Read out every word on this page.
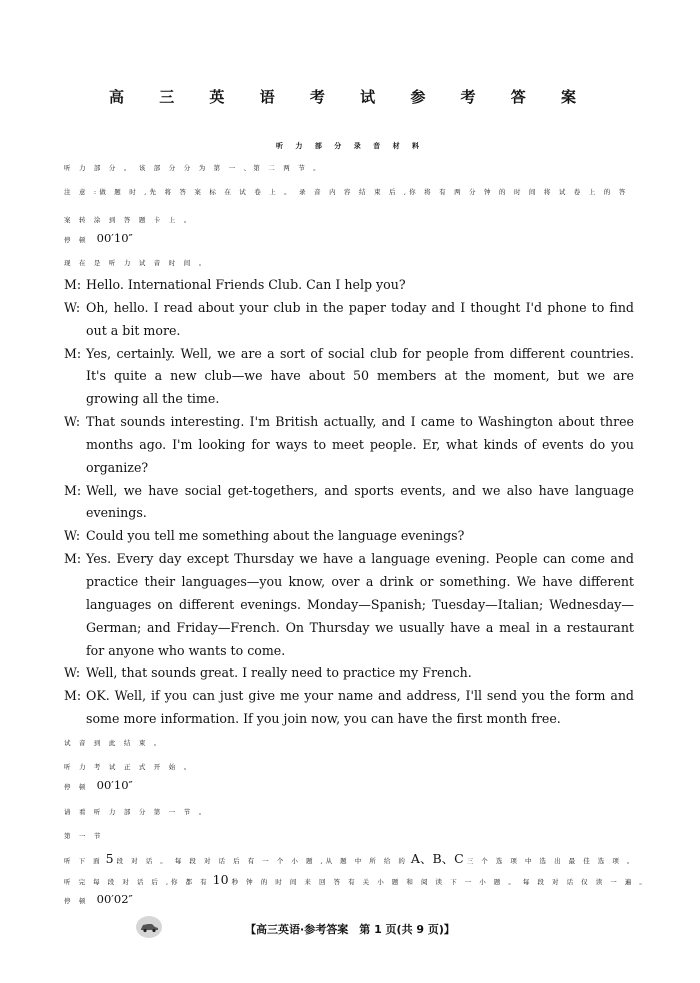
高 三 英 语 考 试 参 考 答 案
听 力 部 分 录 音 材 料
听 力 部 分 。 该 部 分 分 为 第 一 、第 二 两 节 。
注 意 :做 题 时 ,先 将 答 案 标 在 试 卷 上 。 录 音 内 容 结 束 后 ,你 将 有 两 分 钟 的 时 间 将 试 卷 上 的 答 案 转 涂 到 答 题 卡 上 。
停 顿 00′10″
现 在 是 听 力 试 音 时 间 。
M: Hello. International Friends Club. Can I help you?
W: Oh, hello. I read about your club in the paper today and I thought I'd phone to find out a bit more.
M: Yes, certainly. Well, we are a sort of social club for people from different countries. It's quite a new club—we have about 50 members at the moment, but we are growing all the time.
W: That sounds interesting. I'm British actually, and I came to Washington about three months ago. I'm looking for ways to meet people. Er, what kinds of events do you organize?
M: Well, we have social get-togethers, and sports events, and we also have language evenings.
W: Could you tell me something about the language evenings?
M: Yes. Every day except Thursday we have a language evening. People can come and practice their languages—you know, over a drink or something. We have different languages on different evenings. Monday—Spanish; Tuesday—Italian; Wednesday—German; and Friday—French. On Thursday we usually have a meal in a restaurant for anyone who wants to come.
W: Well, that sounds great. I really need to practice my French.
M: OK. Well, if you can just give me your name and address, I'll send you the form and some more information. If you join now, you can have the first month free.
试 音 到 此 结 束 。
听 力 考 试 正 式 开 始 。
停 顿 00′10″
请 看 听 力 部 分 第 一 节 。
第 一 节
听 下 面 5 段 对 话 。 每 段 对 话 后 有 一 个 小 题 ,从 题 中 所 给 的 A、B、C 三 个 选 项 中 选 出 最 佳 选 项 。
听 完 每 段 对 话 后 ,你 都 有 10 秒 钟 的 时 间 来 回 答 有 关 小 题 和 阅 读 下 一 小 题 。 每 段 对 话 仅 读 一 遍 。
停 顿 00′02″
【高三英语·参考答案　第 1 页(共 9 页)】
